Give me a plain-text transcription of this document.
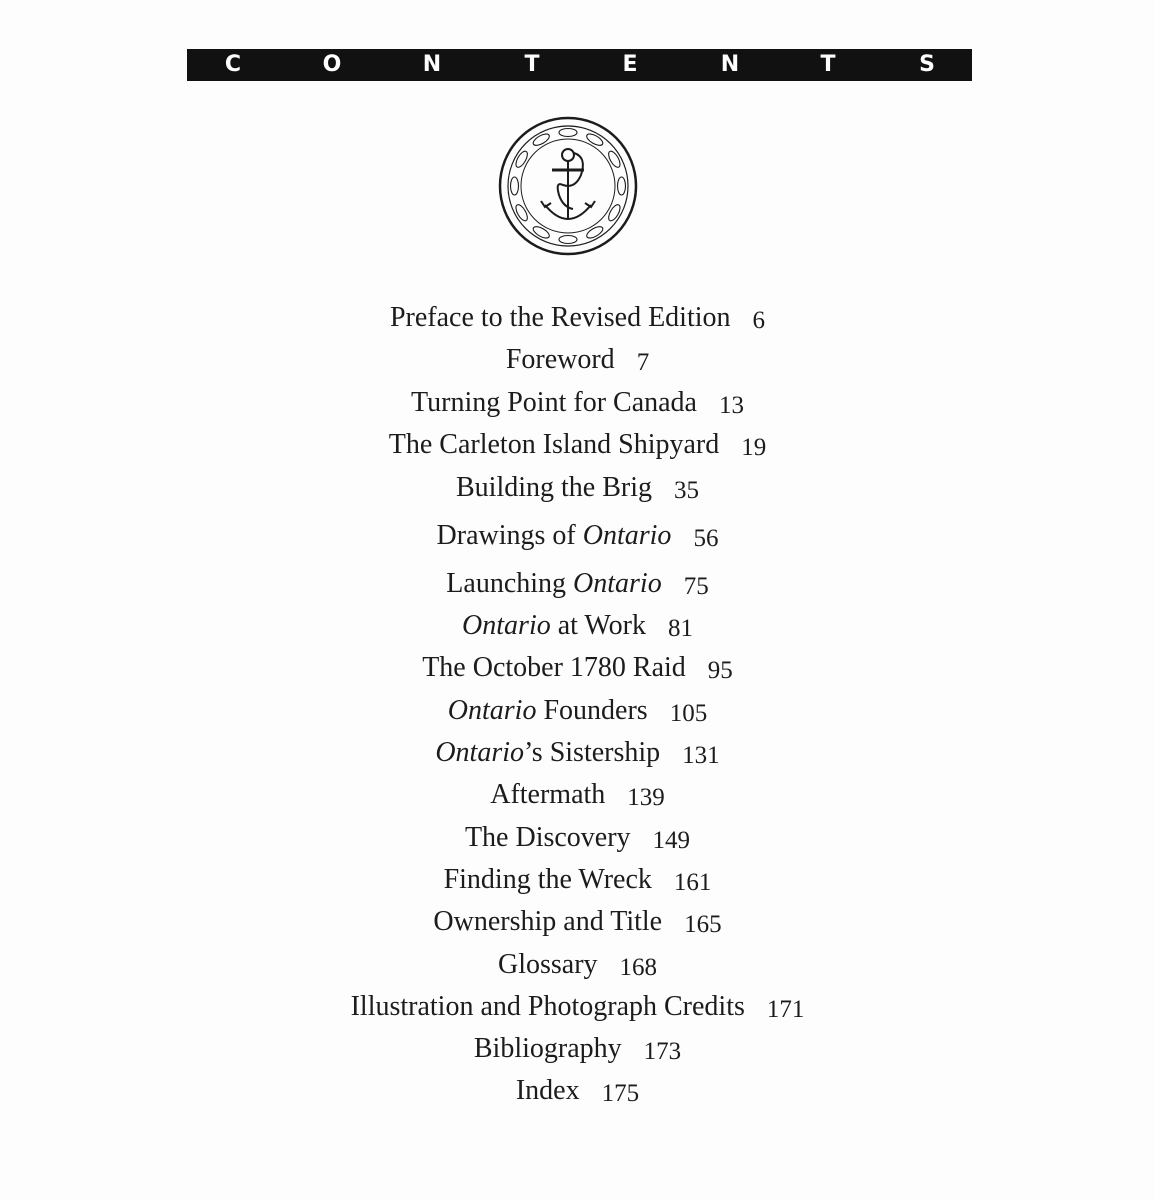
C	O	N	T	E	N	T	S
Preface to the Revised Edition 6
Foreword 7
Turning Point for Canada 13
The Carleton Island Shipyard 19
Building the Brig 35
Drawings of Ontario 56
Launching Ontario 75
Ontario at Work 81
The October 1780 Raid 95
Ontario Founders 105
Ontario’s Sistership 131
Aftermath 139
The Discovery 149
Finding the Wreck 161
Ownership and Title 165
Glossary 168
Illustration and Photograph Credits 171
Bibliography 173
Index 175
